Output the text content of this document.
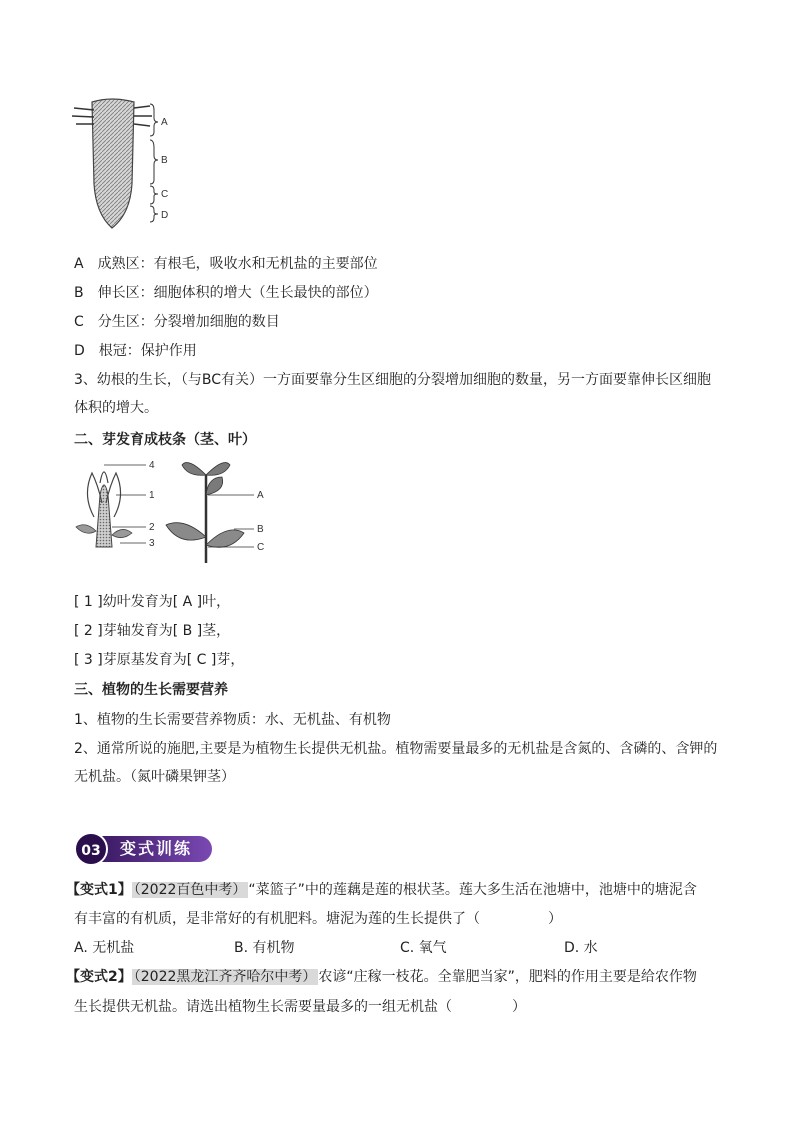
A
B
C
D
A　成熟区：有根毛，吸收水和无机盐的主要部位
B　伸长区：细胞体积的增大（生长最快的部位）
C　分生区：分裂增加细胞的数目
D　根冠：保护作用
3、幼根的生长，（与BC有关）一方面要靠分生区细胞的分裂增加细胞的数量，另一方面要靠伸长区细胞
体积的增大。
二、芽发育成枝条（茎、叶）
4
1
2
3
A
B
C
[ 1 ]幼叶发育为[ A ]叶，
[ 2 ]芽轴发育为[ B ]茎，
[ 3 ]芽原基发育为[ C ]芽，
三、植物的生长需要营养
1、植物的生长需要营养物质：水、无机盐、有机物
2、通常所说的施肥,主要是为植物生长提供无机盐。植物需要量最多的无机盐是含氮的、含磷的、含钾的
无机盐。（氮叶磷果钾茎）
变式训练
03
【变式1】 （2022百色中考） “菜篮子”中的莲藕是莲的根状茎。莲大多生活在池塘中，池塘中的塘泥含
有丰富的有机质，是非常好的有机肥料。塘泥为莲的生长提供了（	）
A. 无机盐	B. 有机物	C. 氧气	D. 水
【变式2】 （2022黑龙江齐齐哈尔中考） 农谚“庄稼一枝花。全靠肥当家”，肥料的作用主要是给农作物
生长提供无机盐。请选出植物生长需要量最多的一组无机盐（	）
